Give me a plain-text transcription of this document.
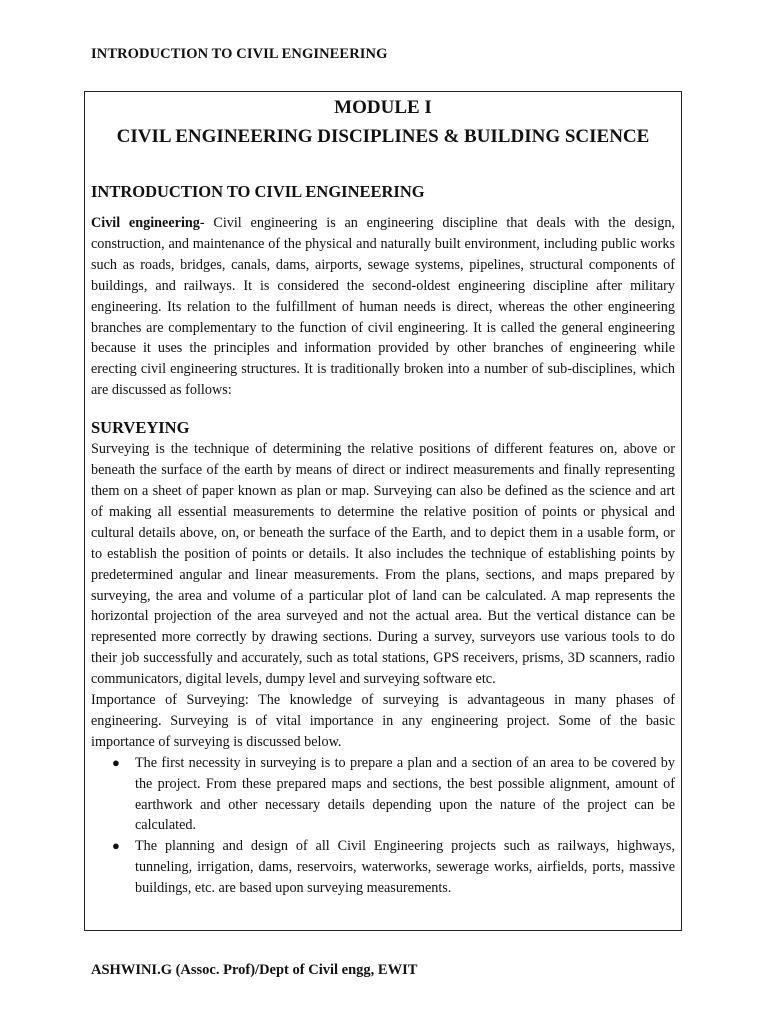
INTRODUCTION TO CIVIL ENGINEERING
MODULE I
CIVIL ENGINEERING DISCIPLINES & BUILDING SCIENCE
INTRODUCTION TO CIVIL ENGINEERING

Civil engineering- Civil engineering is an engineering discipline that deals with the design, construction, and maintenance of the physical and naturally built environment, including public works such as roads, bridges, canals, dams, airports, sewage systems, pipelines, structural components of buildings, and railways. It is considered the second-oldest engineering discipline after military engineering. Its relation to the fulfillment of human needs is direct, whereas the other engineering branches are complementary to the function of civil engineering. It is called the general engineering because it uses the principles and information provided by other branches of engineering while erecting civil engineering structures. It is traditionally broken into a number of sub-disciplines, which are discussed as follows:

SURVEYING

Surveying is the technique of determining the relative positions of different features on, above or beneath the surface of the earth by means of direct or indirect measurements and finally representing them on a sheet of paper known as plan or map. Surveying can also be defined as the science and art of making all essential measurements to determine the relative position of points or physical and cultural details above, on, or beneath the surface of the Earth, and to depict them in a usable form, or to establish the position of points or details. It also includes the technique of establishing points by predetermined angular and linear measurements. From the plans, sections, and maps prepared by surveying, the area and volume of a particular plot of land can be calculated. A map represents the horizontal projection of the area surveyed and not the actual area. But the vertical distance can be represented more correctly by drawing sections. During a survey, surveyors use various tools to do their job successfully and accurately, such as total stations, GPS receivers, prisms, 3D scanners, radio communicators, digital levels, dumpy level and surveying software etc.

Importance of Surveying: The knowledge of surveying is advantageous in many phases of engineering. Surveying is of vital importance in any engineering project. Some of the basic importance of surveying is discussed below.

● The first necessity in surveying is to prepare a plan and a section of an area to be covered by the project. From these prepared maps and sections, the best possible alignment, amount of earthwork and other necessary details depending upon the nature of the project can be calculated.
● The planning and design of all Civil Engineering projects such as railways, highways, tunneling, irrigation, dams, reservoirs, waterworks, sewerage works, airfields, ports, massive buildings, etc. are based upon surveying measurements.
ASHWINI.G (Assoc. Prof)/Dept of Civil engg, EWIT
